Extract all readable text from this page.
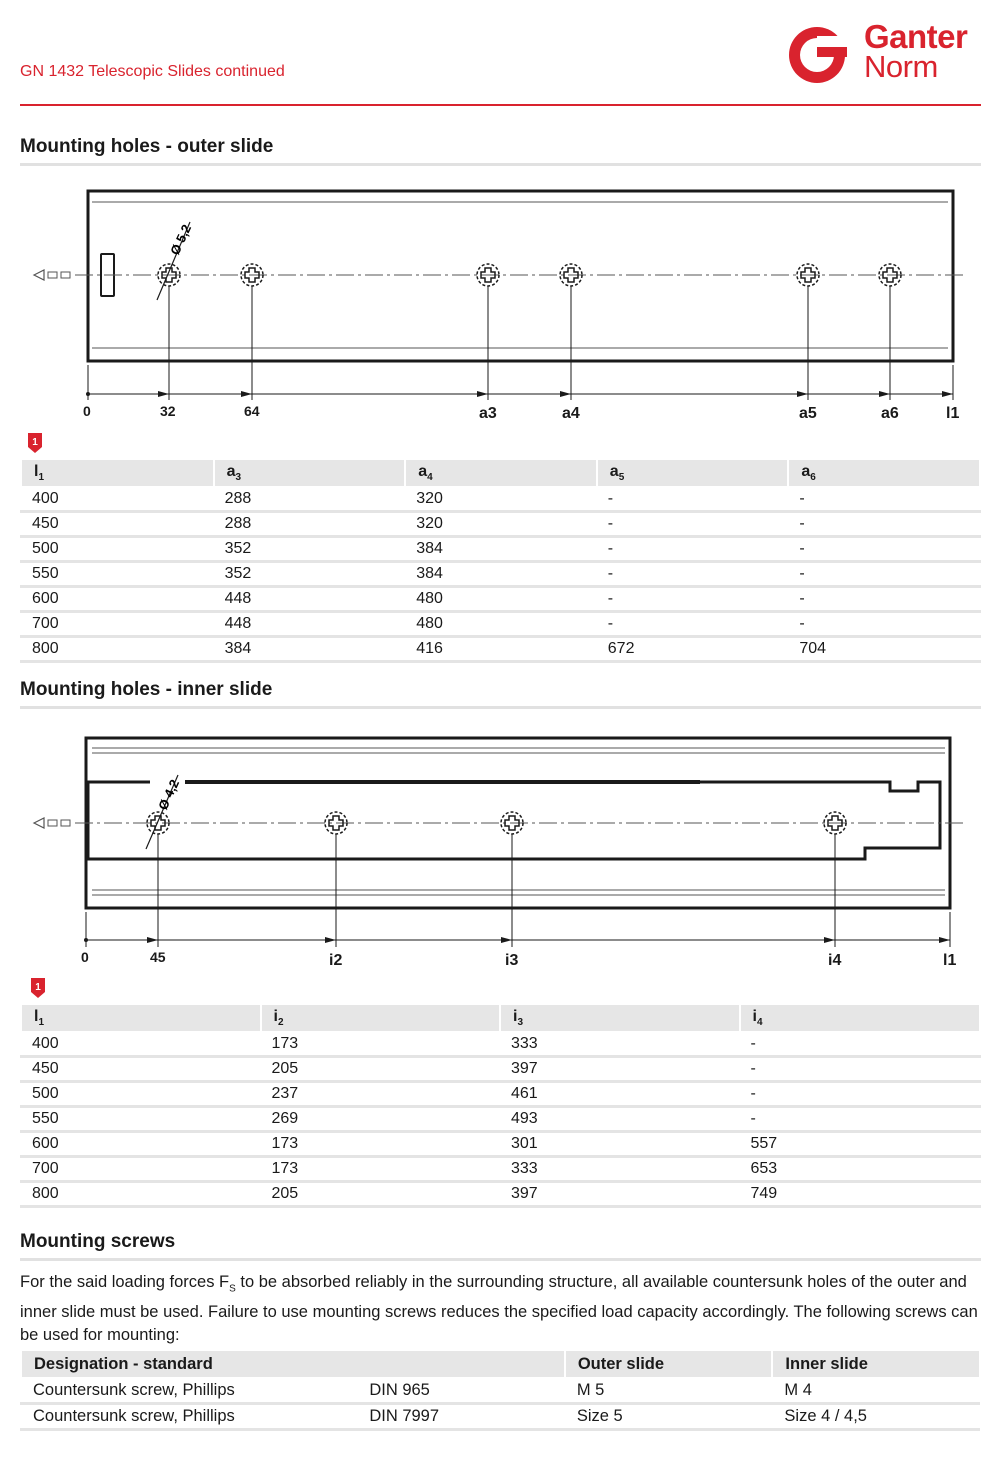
GN 1432 Telescopic Slides continued
Ganter
Norm
Mounting holes - outer slide
Ø 5,2
0	32	64	a3	a4	a5	a6	l1
1
$l_1$	$a_3$	$a_4$	$a_5$	$a_6$
400	288	320	-	-
450	288	320	-	-
500	352	384	-	-
550	352	384	-	-
600	448	480	-	-
700	448	480	-	-
800	384	416	672	704
Mounting holes - inner slide
Ø 4,2
0	45	i2	i3	i4	l1
1
$l_1$	$i_2$	$i_3$	$i_4$
400	173	333	-
450	205	397	-
500	237	461	-
550	269	493	-
600	173	301	557
700	173	333	653
800	205	397	749
Mounting screws
For the said loading forces $F_S$ to be absorbed reliably in the surrounding structure, all available countersunk holes of the outer and inner slide must be used. Failure to use mounting screws reduces the specified load capacity accordingly. The following screws can be used for mounting:
Designation - standard		Outer slide	Inner slide
Countersunk screw, Phillips	DIN 965	M 5	M 4
Countersunk screw, Phillips	DIN 7997	Size 5	Size 4 / 4,5
